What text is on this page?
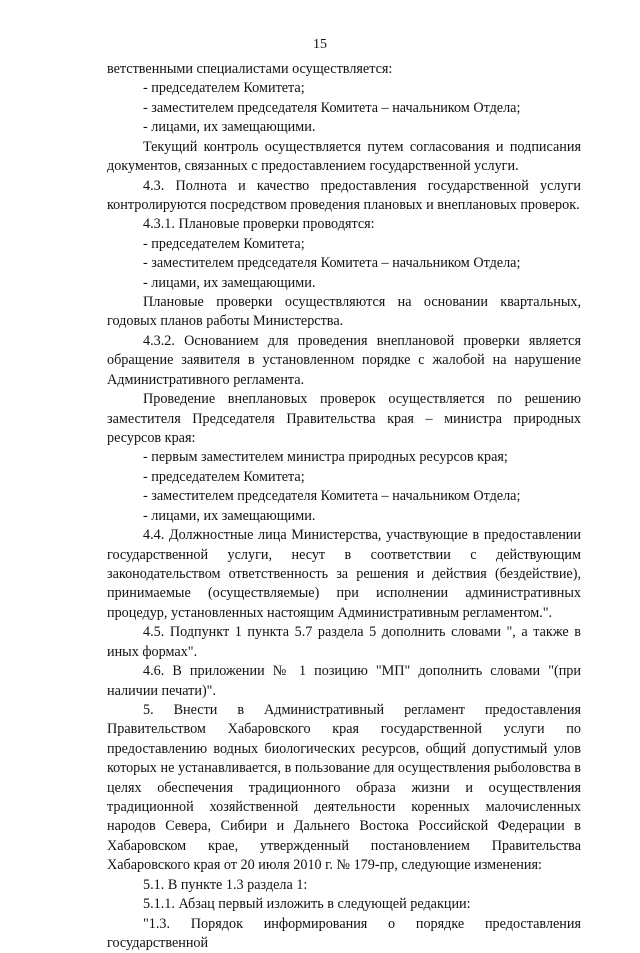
15

ветственными специалистами осуществляется:

- председателем Комитета;

- заместителем председателя Комитета – начальником Отдела;

- лицами, их замещающими.

Текущий контроль осуществляется путем согласования и подписания документов, связанных с предоставлением государственной услуги.

4.3. Полнота и качество предоставления государственной услуги контролируются посредством проведения плановых и внеплановых проверок.

4.3.1. Плановые проверки проводятся:

- председателем Комитета;

- заместителем председателя Комитета – начальником Отдела;

- лицами, их замещающими.

Плановые проверки осуществляются на основании квартальных, годовых планов работы Министерства.

4.3.2. Основанием для проведения внеплановой проверки является обращение заявителя в установленном порядке с жалобой на нарушение Административного регламента.

Проведение внеплановых проверок осуществляется по решению заместителя Председателя Правительства края – министра природных ресурсов края:

- первым заместителем министра природных ресурсов края;

- председателем Комитета;

- заместителем председателя Комитета – начальником Отдела;

- лицами, их замещающими.

4.4. Должностные лица Министерства, участвующие в предоставлении государственной услуги, несут в соответствии с действующим законодательством ответственность за решения и действия (бездействие), принимаемые (осуществляемые) при исполнении административных процедур, установленных настоящим Административным регламентом.".

4.5. Подпункт 1 пункта 5.7 раздела 5 дополнить словами ", а также в иных формах".

4.6. В приложении № 1 позицию "МП" дополнить словами "(при наличии печати)".

5. Внести в Административный регламент предоставления Правительством Хабаровского края государственной услуги по предоставлению водных биологических ресурсов, общий допустимый улов которых не устанавливается, в пользование для осуществления рыболовства в целях обеспечения традиционного образа жизни и осуществления традиционной хозяйственной деятельности коренных малочисленных народов Севера, Сибири и Дальнего Востока Российской Федерации в Хабаровском крае, утвержденный постановлением Правительства Хабаровского края от 20 июля 2010 г. № 179-пр, следующие изменения:

5.1. В пункте 1.3 раздела 1:

5.1.1. Абзац первый изложить в следующей редакции:

"1.3. Порядок информирования о порядке предоставления государственной
